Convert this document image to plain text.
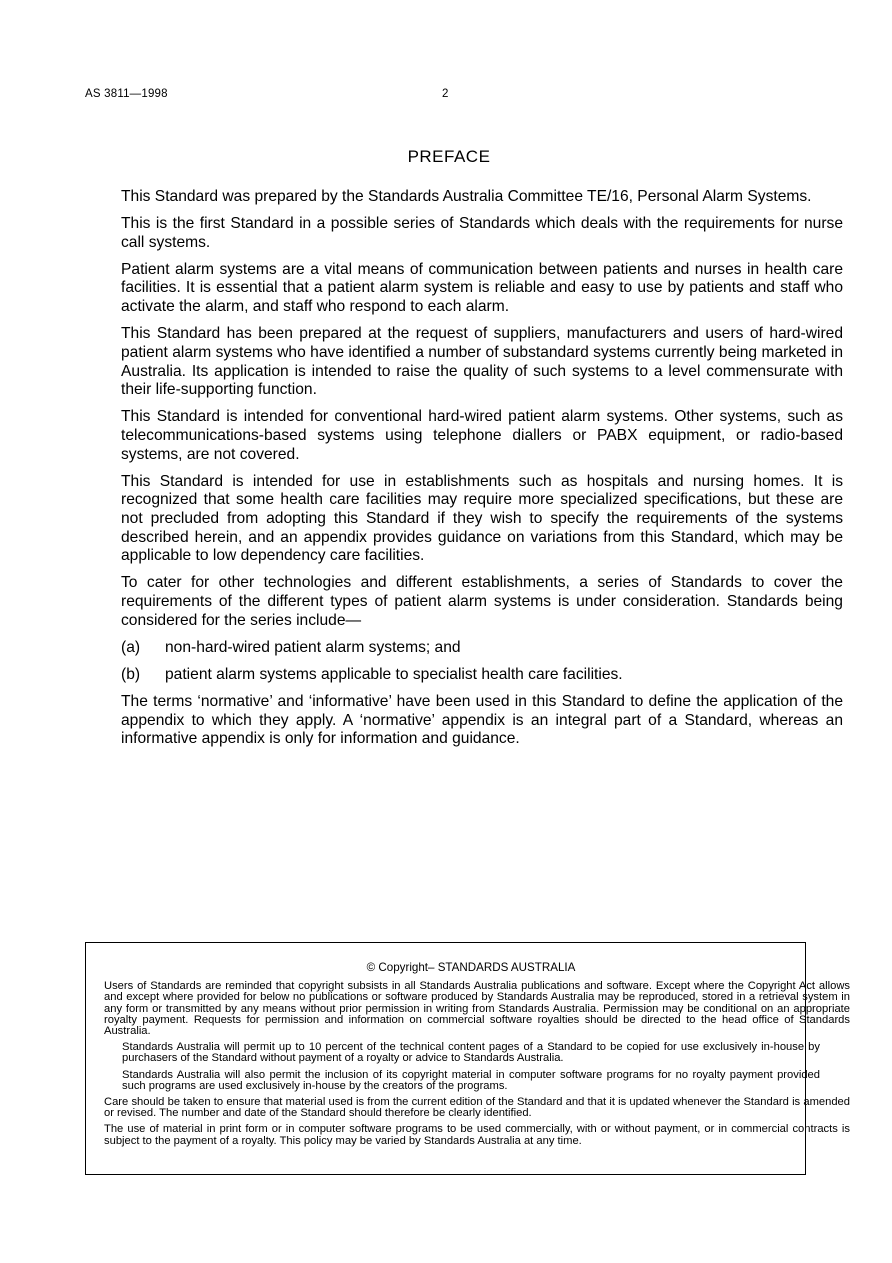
AS 3811—1998	2
PREFACE

This Standard was prepared by the Standards Australia Committee TE/16, Personal Alarm Systems.

This is the first Standard in a possible series of Standards which deals with the requirements for nurse call systems.

Patient alarm systems are a vital means of communication between patients and nurses in health care facilities. It is essential that a patient alarm system is reliable and easy to use by patients and staff who activate the alarm, and staff who respond to each alarm.

This Standard has been prepared at the request of suppliers, manufacturers and users of hard-wired patient alarm systems who have identified a number of substandard systems currently being marketed in Australia. Its application is intended to raise the quality of such systems to a level commensurate with their life-supporting function.

This Standard is intended for conventional hard-wired patient alarm systems. Other systems, such as telecommunications-based systems using telephone diallers or PABX equipment, or radio-based systems, are not covered.

This Standard is intended for use in establishments such as hospitals and nursing homes. It is recognized that some health care facilities may require more specialized specifications, but these are not precluded from adopting this Standard if they wish to specify the requirements of the systems described herein, and an appendix provides guidance on variations from this Standard, which may be applicable to low dependency care facilities.

To cater for other technologies and different establishments, a series of Standards to cover the requirements of the different types of patient alarm systems is under consideration. Standards being considered for the series include—

(a)	non-hard-wired patient alarm systems; and
(b)	patient alarm systems applicable to specialist health care facilities.

The terms ‘normative’ and ‘informative’ have been used in this Standard to define the application of the appendix to which they apply. A ‘normative’ appendix is an integral part of a Standard, whereas an informative appendix is only for information and guidance.

© Copyright– STANDARDS AUSTRALIA

Users of Standards are reminded that copyright subsists in all Standards Australia publications and software. Except where the Copyright Act allows and except where provided for below no publications or software produced by Standards Australia may be reproduced, stored in a retrieval system in any form or transmitted by any means without prior permission in writing from Standards Australia. Permission may be conditional on an appropriate royalty payment. Requests for permission and information on commercial software royalties should be directed to the head office of Standards Australia.

Standards Australia will permit up to 10 percent of the technical content pages of a Standard to be copied for use exclusively in-house by purchasers of the Standard without payment of a royalty or advice to Standards Australia.

Standards Australia will also permit the inclusion of its copyright material in computer software programs for no royalty payment provided such programs are used exclusively in-house by the creators of the programs.

Care should be taken to ensure that material used is from the current edition of the Standard and that it is updated whenever the Standard is amended or revised. The number and date of the Standard should therefore be clearly identified.

The use of material in print form or in computer software programs to be used commercially, with or without payment, or in commercial contracts is subject to the payment of a royalty. This policy may be varied by Standards Australia at any time.
